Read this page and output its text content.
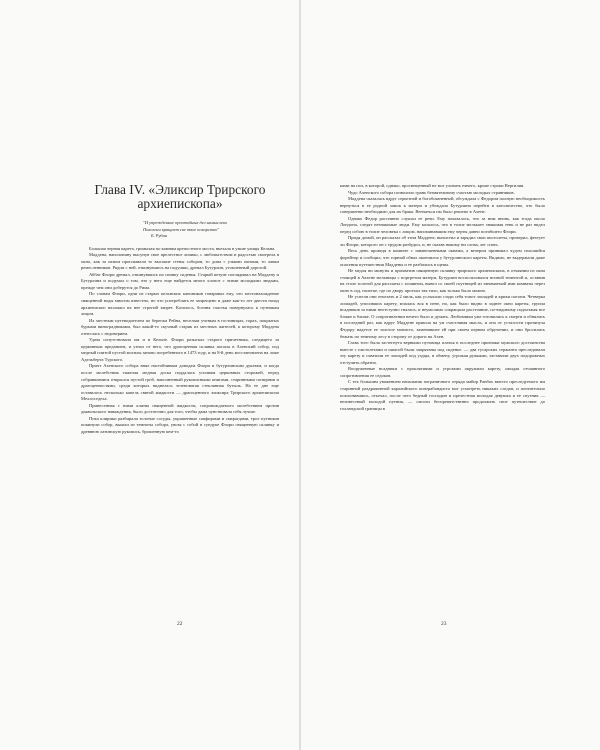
Глава IV. «Эликсир Трирского архиепископа»
"И упрежденное прочтобных дел намыслено
Поколени вращает сие твое покорство"
Б. Рубан

Большая черная карета, громыхая по камням крепостного моста, въехала в узкие улицы Кельна.

Маддена, наполовину высунув свое прелестное личико, с любопытством и радостью смотрела в окно, как за окном проплывали то высокие стены соборов, то дома с узкими окнами, то лавки ремесленников. Рядом с ней, откинувшись на подушки, дремал Бутурлин, утомленный дорогой.

Аббат Флори дремал, откинувшись на спинку сиденья. Старый иезуит поглядывал на Маддену и Бутурлина и подумал о том, что у него еще найдется много хлопот с этими молодыми людьми, прежде чем они доберутся до Рима.

По словам Флори, одни из старых кельнских каноников говаривал ему, что местонахождение священной воды многим известно, но что употреблять ее запрещено и даже как-то лет двести назад архиепископ наложил на нее строгий запрет. Казалось, богиня счастья повернулась к путникам лицом.

Их местным путеводителем по берегам Рейна, веселым ученым в гостиницах, горах, покрытых бурыми виноградниками, был какой-то скучный старик из местных жителей, к которому Маддена отнеслась с недоверием.

Удача сопутствовала им и в Кельне. Флори разыскал старого причетника, следящего за церковным преданием, и узнал от него, что драгоценная склянка попала в Ахенский собор, под медный плитой пустой могилы заново погребенного в 1473 году, и на 8-й день восстановлена на ложе Адельберта Турского.

Причт Ахенского собора внял настойчивым доводам Флори и бутурлинским дукатам, и когда после молебствия тяжелая медная доска поддалась усилиям церковных сторожей, перед собравшимися открылся пустой гроб, наполненный рукописными книгами, старинными потирами и драгоценностями, среди которых виднелась зеленоватая стеклянная бутыль. На ее дне еще оставалось несколько капель святой жидкости — драгоценного эликсира Трирского архиепископа Меллоседеха.

Принесенная с ними клятва священной жидкости, сопровождаемого молебствием против дьявольского наваждения, было достаточно для того, чтобы дама чувствовала себя лучше.

Пока клирики разбирали золотые сосуды, украшенные сапфирами и смарагдами, трое путников покинули собор, вышли из темноты собора, увозя с собой в сундуке Флори священную склянку и древнюю латинскую рукопись, брошенную кем-то

22

ками на пол, в которой, однако, просвещенный не мог уловить ничего, кроме строки Вергилия.

Чудо Ахенского собора позволило грань безмятежному счастью молодых странников.

Маддена сказалась вдруг серьезной и богобоязненной, обсуждала с Федором полную необходимость вернуться в ее родной замок к матери и убеждала Бутурлина перейти в католичество, что было совершенно необходимо для их брака. Венчаться им было решено в Ахене.

Однако Федор рассеянно слушал ее речи. Ему показалось, что за ним вновь, как тогда около Лондона, следят незнакомые люди. Ему казалось, что в толпе мелькает знакомая тень и не раз видел перед собою в толпе человека с лицом, напоминавшим ему черты давно погибшего Флори.

Придя домой, он рассказал об этом Маддене, вычистил и зарядил свои пистолеты, проверил, фехтует ли Флори, которого он с трудом разбудил, и, не сказав никому ни слова, лег спать.

Весь день проведя в комнате с занавешенными окнами, а вечером принимал чудом спасшийся форейтор и сообщил, что горный обвал окончился у бутурлинского кареты. Видимо, не выдержали даже опасения путешествия Маддены и ее разбились в щепы.

Не медля ни минуты и прихватив священную склянку трирского архиепископа, в отчаянии из окна стоящей в Аахене мельницы с портретом матери, Бутурлин воспользовался ночной темнотой и, оставив на столе золотой для расплаты с хозяином, вывел со своей спутницей из занимаемой ими комнаты через окно в сад, налегке, где по двору проехал так тихо, как только было можно.

Не успели они отъехать и 2 миль, как услыхали сзади себя топот лошадей и крики погони. Четверка лошадей, уносивших карету, мчалась вся в пене, но, как было видно в заднее окно кареты, группа всадников за ними неотступно гналась, и неумолимо сокращала расстояние, по-видимому подъезжая все ближе и ближе. О сопротивлении нечего было и думать. Любовники уже готовились к смерти и обнялись в последний раз, как вдруг Маддене пришла на ум счастливая мысль, и она от усталости протянула Федору надетое ее золотое монисто, заменившее ей при своем первом обручении, и они бросились бежать по темному лесу в сторону от дороги на Ахен.

Глава того была застегнута верными путовица платья в последнее признаки мужского достоинства вместе с пистолетами и шпагой были запрятаны под сиденье. — два гусарских сержанта преследовали эту карету и схватили ее лошадей под уздцы, в обмену, угрожая ружьями, заставили двух подорожных отступить обратно.

Вооруженные всадники с проклятиями и угрозами окружили карету, ожидая отчаянного сопротивления ее седоков.

С тех большим уважением начальник пограничного отряда майор Ранбах вместо преследуемого им старинной раздраженной каралийского контрабандиста мог усмотреть никаких следов, и почтительно поклонившись, отъехал, после чего бедный господин и прелестная молодая девушка и ее спутник — неизвестный молодой путник, — смогли беспрепятственно продолжать свое путешествие до голландской границы в

23
